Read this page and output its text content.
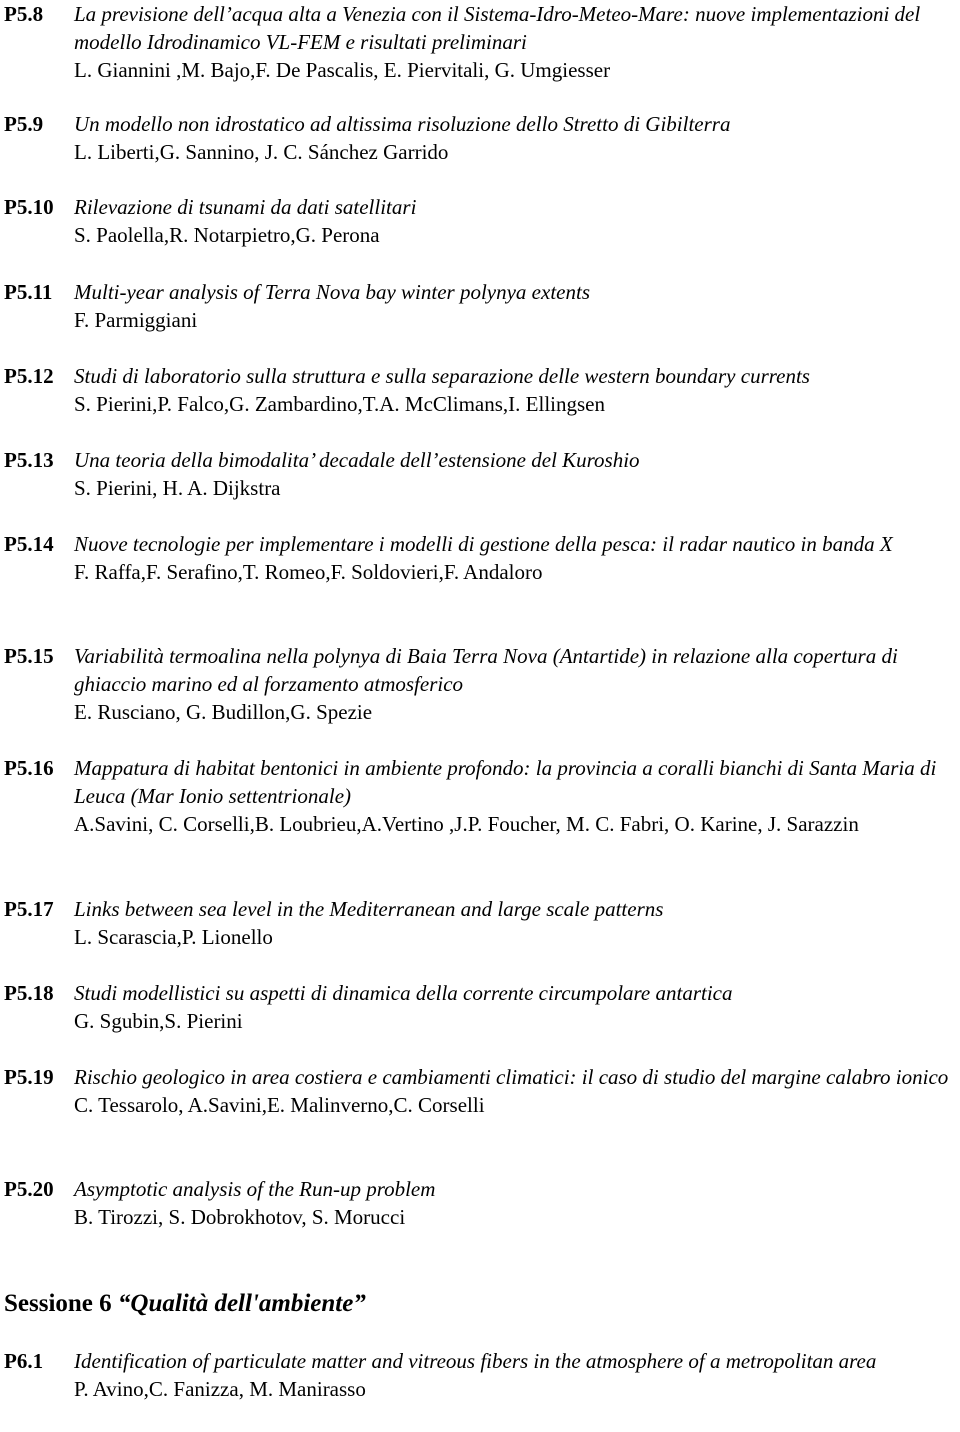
P5.8 La previsione dell’acqua alta a Venezia con il Sistema-Idro-Meteo-Mare: nuove implementazioni del modello Idrodinamico VL-FEM e risultati preliminari
L. Giannini ,M. Bajo,F. De Pascalis, E. Piervitali, G. Umgiesser
P5.9 Un modello non idrostatico ad altissima risoluzione dello Stretto di Gibilterra
L. Liberti,G. Sannino, J. C. Sánchez Garrido
P5.10 Rilevazione di tsunami da dati satellitari
S. Paolella,R. Notarpietro,G. Perona
P5.11 Multi-year analysis of Terra Nova bay winter polynya extents
F. Parmiggiani
P5.12 Studi di laboratorio sulla struttura e sulla separazione delle western boundary currents
S. Pierini,P. Falco,G. Zambardino,T.A. McClimans,I. Ellingsen
P5.13 Una teoria della bimodalita’ decadale dell’estensione del Kuroshio
S. Pierini, H. A. Dijkstra
P5.14 Nuove tecnologie per implementare i modelli di gestione della pesca: il radar nautico in banda X
F. Raffa,F. Serafino,T. Romeo,F. Soldovieri,F. Andaloro
P5.15 Variabilità termoalina nella polynya di Baia Terra Nova (Antartide) in relazione alla copertura di ghiaccio marino ed al forzamento atmosferico
E. Rusciano, G. Budillon,G. Spezie
P5.16 Mappatura di habitat bentonici in ambiente profondo: la provincia a coralli bianchi di Santa Maria di Leuca (Mar Ionio settentrionale)
A.Savini, C. Corselli,B. Loubrieu,A.Vertino ,J.P. Foucher, M. C. Fabri, O. Karine, J. Sarazzin
P5.17 Links between sea level in the Mediterranean and large scale patterns
L. Scarascia,P. Lionello
P5.18 Studi modellistici su aspetti di dinamica della corrente circumpolare antartica
G. Sgubin,S. Pierini
P5.19 Rischio geologico in area costiera e cambiamenti climatici: il caso di studio del margine calabro ionico
C. Tessarolo, A.Savini,E. Malinverno,C. Corselli
P5.20 Asymptotic analysis of the Run-up problem
B. Tirozzi, S. Dobrokhotov, S. Morucci
Sessione 6 “Qualità dell'ambiente”
P6.1 Identification of particulate matter and vitreous fibers in the atmosphere of a metropolitan area
P. Avino,C. Fanizza, M. Manirasso
